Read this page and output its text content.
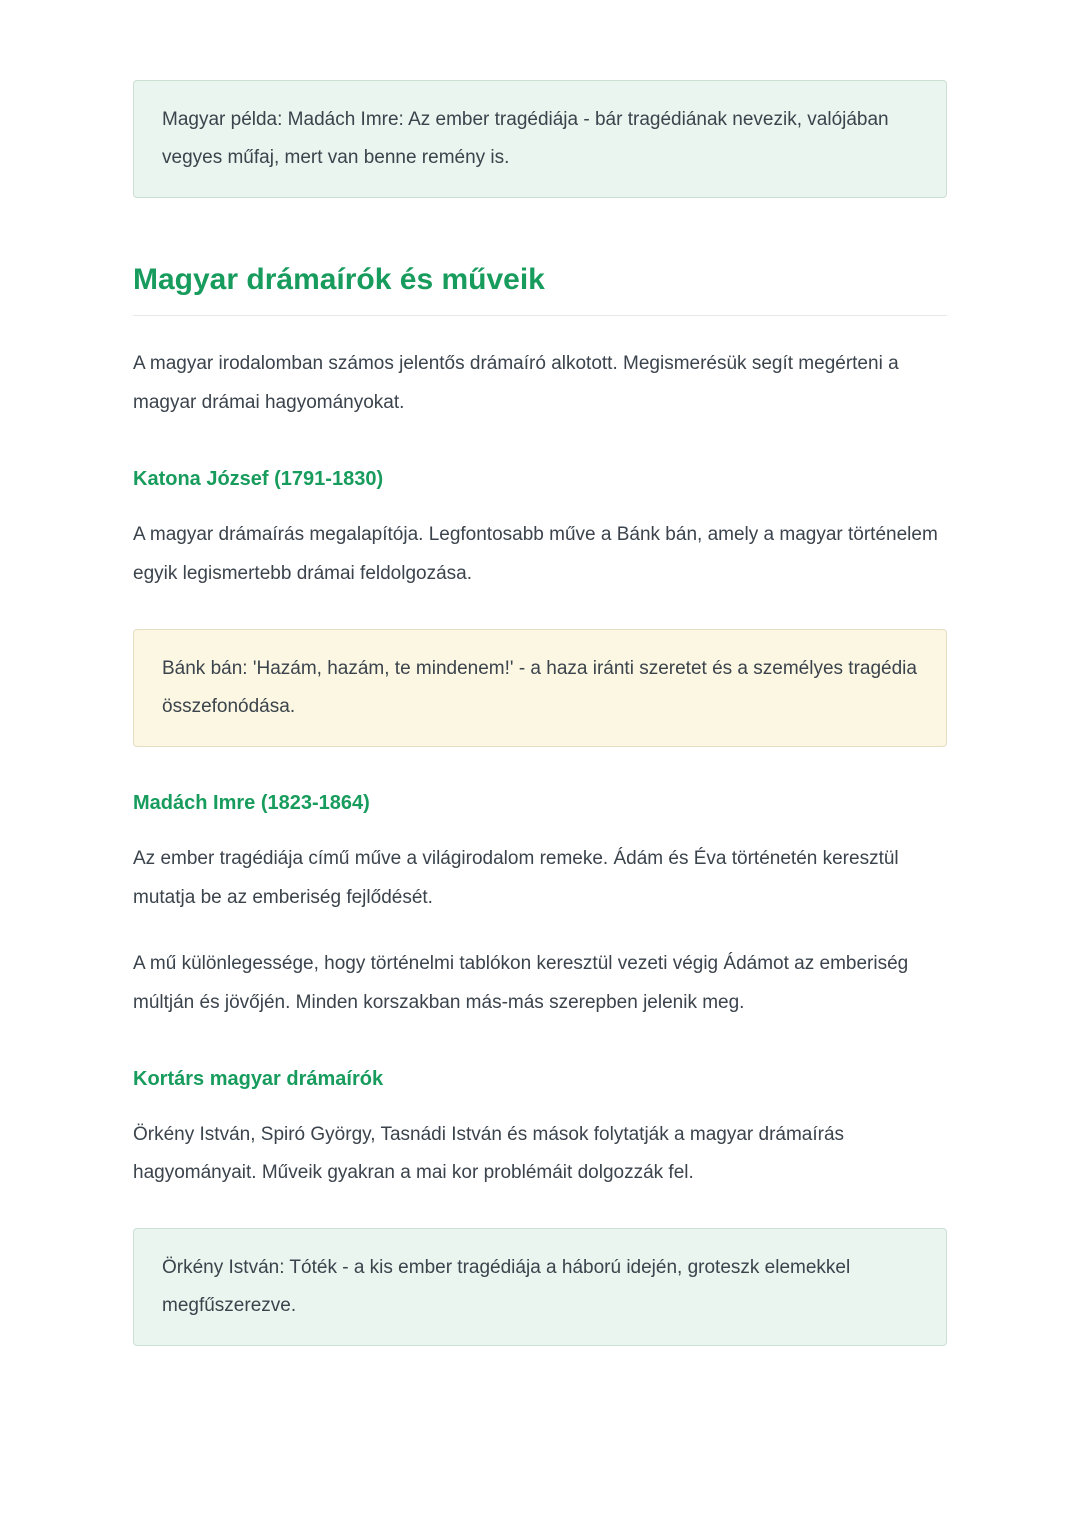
Magyar példa: Madách Imre: Az ember tragédiája - bár tragédiának nevezik, valójában vegyes műfaj, mert van benne remény is.

Magyar drámaírók és műveik

A magyar irodalomban számos jelentős drámaíró alkotott. Megismerésük segít megérteni a magyar drámai hagyományokat.

Katona József (1791-1830)

A magyar drámaírás megalapítója. Legfontosabb műve a Bánk bán, amely a magyar történelem egyik legismertebb drámai feldolgozása.

Bánk bán: 'Hazám, hazám, te mindenem!' - a haza iránti szeretet és a személyes tragédia összefonódása.

Madách Imre (1823-1864)

Az ember tragédiája című műve a világirodalom remeke. Ádám és Éva történetén keresztül mutatja be az emberiség fejlődését.

A mű különlegessége, hogy történelmi tablókon keresztül vezeti végig Ádámot az emberiség múltján és jövőjén. Minden korszakban más-más szerepben jelenik meg.

Kortárs magyar drámaírók

Örkény István, Spiró György, Tasnádi István és mások folytatják a magyar drámaírás hagyományait. Műveik gyakran a mai kor problémáit dolgozzák fel.

Örkény István: Tóték - a kis ember tragédiája a háború idején, groteszk elemekkel megfűszerezve.
